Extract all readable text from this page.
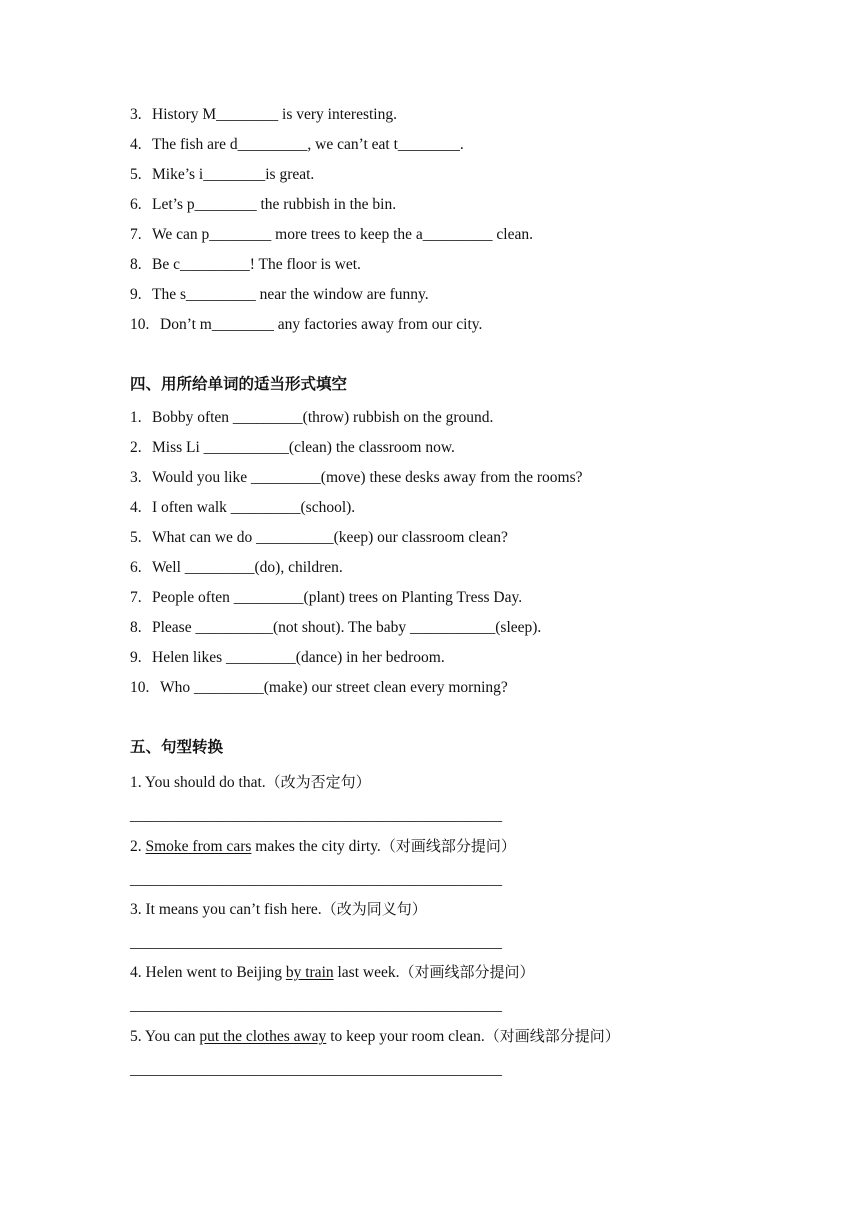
3. History M________ is very interesting.
4. The fish are d_________, we can’t eat t________.
5. Mike’s i________is great.
6. Let’s p________ the rubbish in the bin.
7. We can p________ more trees to keep the a_________ clean.
8. Be c_________! The floor is wet.
9. The s_________ near the window are funny.
10. Don’t m________ any factories away from our city.
四、用所给单词的适当形式填空
1. Bobby often _________(throw) rubbish on the ground.
2. Miss Li ___________(clean) the classroom now.
3. Would you like _________(move) these desks away from the rooms?
4. I often walk _________(school).
5. What can we do __________(keep) our classroom clean?
6. Well _________(do), children.
7. People often _________(plant) trees on Planting Tress Day.
8. Please __________(not shout). The baby ___________(sleep).
9. Helen likes _________(dance) in her bedroom.
10. Who _________(make) our street clean every morning?
五、句型转换
1. You should do that.（改为否定句）
________________________________________________
2. Smoke from cars makes the city dirty.（对画线部分提问）
________________________________________________
3. It means you can’t fish here.（改为同义句）
________________________________________________
4. Helen went to Beijing by train last week.（对画线部分提问）
________________________________________________
5. You can put the clothes away to keep your room clean.（对画线部分提问）
________________________________________________
